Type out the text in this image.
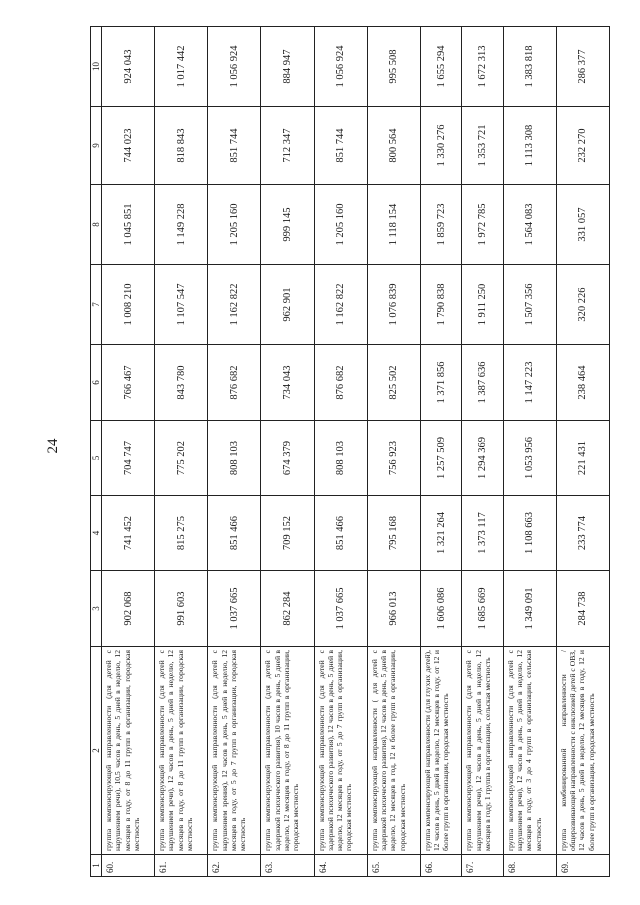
24
1	2	3	4	5	6	7	8	9	10
60.	группа компенсирующей направленности (для детей с нарушением речи), 10,5 часов в день, 5 дней в неделю, 12 месяцев в году, от 8 до 11 групп в организации, городская местность	902 068	741 452	704 747	766 467	1 008 210	1 045 851	744 023	924 043
61.	группа компенсирующей направленности (для детей с нарушением речи), 12 часов в день, 5 дней в неделю, 12 месяцев в году, от 8 до 11 групп в организации, городская местность	991 603	815 275	775 202	843 780	1 107 547	1 149 228	818 843	1 017 442
62.	группа компенсирующей направленности (для детей с нарушением зрения), 12 часов в день, 5 дней в неделю, 12 месяцев в году, от 5 до 7 групп в организации, городская местность	1 037 665	851 466	808 103	876 682	1 162 822	1 205 160	851 744	1 056 924
63.	группа компенсирующей направленности (для детей с задержкой психического развития), 10 часов в день, 5 дней в неделю, 12 месяцев в году, от 8 до 11 групп в организации, городская местность	862 284	709 152	674 379	734 043	962 901	999 145	712 347	884 947
64.	группа компенсирующей направленности (для детей с задержкой психического развития), 12 часов в день, 5 дней в неделю, 12 месяцев в году, от 5 до 7 групп в организации, городская местность	1 037 665	851 466	808 103	876 682	1 162 822	1 205 160	851 744	1 056 924
65.	группа компенсирующей направленности ( для детей с задержкой психического развития), 12 часов в день, 5 дней в неделю, 12 месяцев в год, 12 и более групп в организации, городская местность	966 013	795 168	756 923	825 502	1 076 839	1 118 154	800 564	995 508
66.	группа компенсирующей направленности (для глухих детей), 12 часов в день, 5 дней в неделю, 12 месяцев в году, от 12 и более групп в организации, городская местность	1 606 086	1 321 264	1 257 509	1 371 856	1 790 838	1 859 723	1 330 276	1 655 294
67.	группа компенсирующей направленности (для детей с нарушением речи), 12 часов в день, 5 дней в неделю, 12 месяцев в году, 1 группа в организации, сельская местность	1 685 669	1 373 117	1 294 369	1 387 636	1 911 250	1 972 785	1 353 721	1 672 313
68.	группа компенсирующей направленности (для детей с нарушением речи), 12 часов в день, 5 дней в неделю, 12 месяцев в году, от 3 до 4 групп в организации, сельская местность	1 349 091	1 108 663	1 053 956	1 147 223	1 507 356	1 564 083	1 113 308	1 383 818
69.	группа комбинированной направленности / общеразвивающей направленности с инклюзией детей с ОВЗ, 12 часов в день, 5 дней в неделю, 12 месяцев в году, 12 и более групп в организации, городская местность	284 738	233 774	221 431	238 464	320 226	331 057	232 270	286 377
